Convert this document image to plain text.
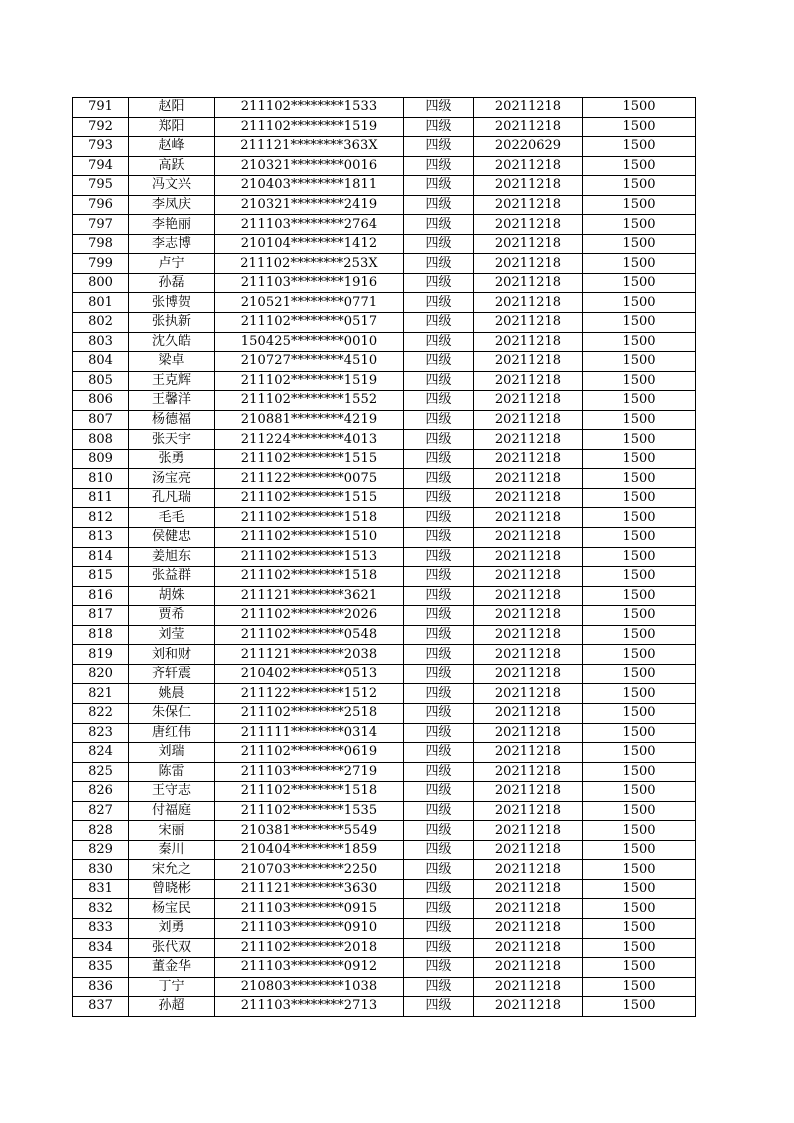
791	赵阳	211102********1533	四级	20211218	1500
792	郑阳	211102********1519	四级	20211218	1500
793	赵峰	211121********363X	四级	20220629	1500
794	高跃	210321********0016	四级	20211218	1500
795	冯文兴	210403********1811	四级	20211218	1500
796	李凤庆	210321********2419	四级	20211218	1500
797	李艳丽	211103********2764	四级	20211218	1500
798	李志博	210104********1412	四级	20211218	1500
799	卢宁	211102********253X	四级	20211218	1500
800	孙磊	211103********1916	四级	20211218	1500
801	张博贺	210521********0771	四级	20211218	1500
802	张执新	211102********0517	四级	20211218	1500
803	沈久皓	150425********0010	四级	20211218	1500
804	梁卓	210727********4510	四级	20211218	1500
805	王克辉	211102********1519	四级	20211218	1500
806	王馨洋	211102********1552	四级	20211218	1500
807	杨德福	210881********4219	四级	20211218	1500
808	张天宇	211224********4013	四级	20211218	1500
809	张勇	211102********1515	四级	20211218	1500
810	汤宝亮	211122********0075	四级	20211218	1500
811	孔凡瑞	211102********1515	四级	20211218	1500
812	毛毛	211102********1518	四级	20211218	1500
813	侯健忠	211102********1510	四级	20211218	1500
814	姜旭东	211102********1513	四级	20211218	1500
815	张益群	211102********1518	四级	20211218	1500
816	胡姝	211121********3621	四级	20211218	1500
817	贾希	211102********2026	四级	20211218	1500
818	刘莹	211102********0548	四级	20211218	1500
819	刘和财	211121********2038	四级	20211218	1500
820	齐轩震	210402********0513	四级	20211218	1500
821	姚晨	211122********1512	四级	20211218	1500
822	朱保仁	211102********2518	四级	20211218	1500
823	唐红伟	211111********0314	四级	20211218	1500
824	刘瑞	211102********0619	四级	20211218	1500
825	陈雷	211103********2719	四级	20211218	1500
826	王守志	211102********1518	四级	20211218	1500
827	付福庭	211102********1535	四级	20211218	1500
828	宋丽	210381********5549	四级	20211218	1500
829	秦川	210404********1859	四级	20211218	1500
830	宋允之	210703********2250	四级	20211218	1500
831	曾晓彬	211121********3630	四级	20211218	1500
832	杨宝民	211103********0915	四级	20211218	1500
833	刘勇	211103********0910	四级	20211218	1500
834	张代双	211102********2018	四级	20211218	1500
835	董金华	211103********0912	四级	20211218	1500
836	丁宁	210803********1038	四级	20211218	1500
837	孙超	211103********2713	四级	20211218	1500
